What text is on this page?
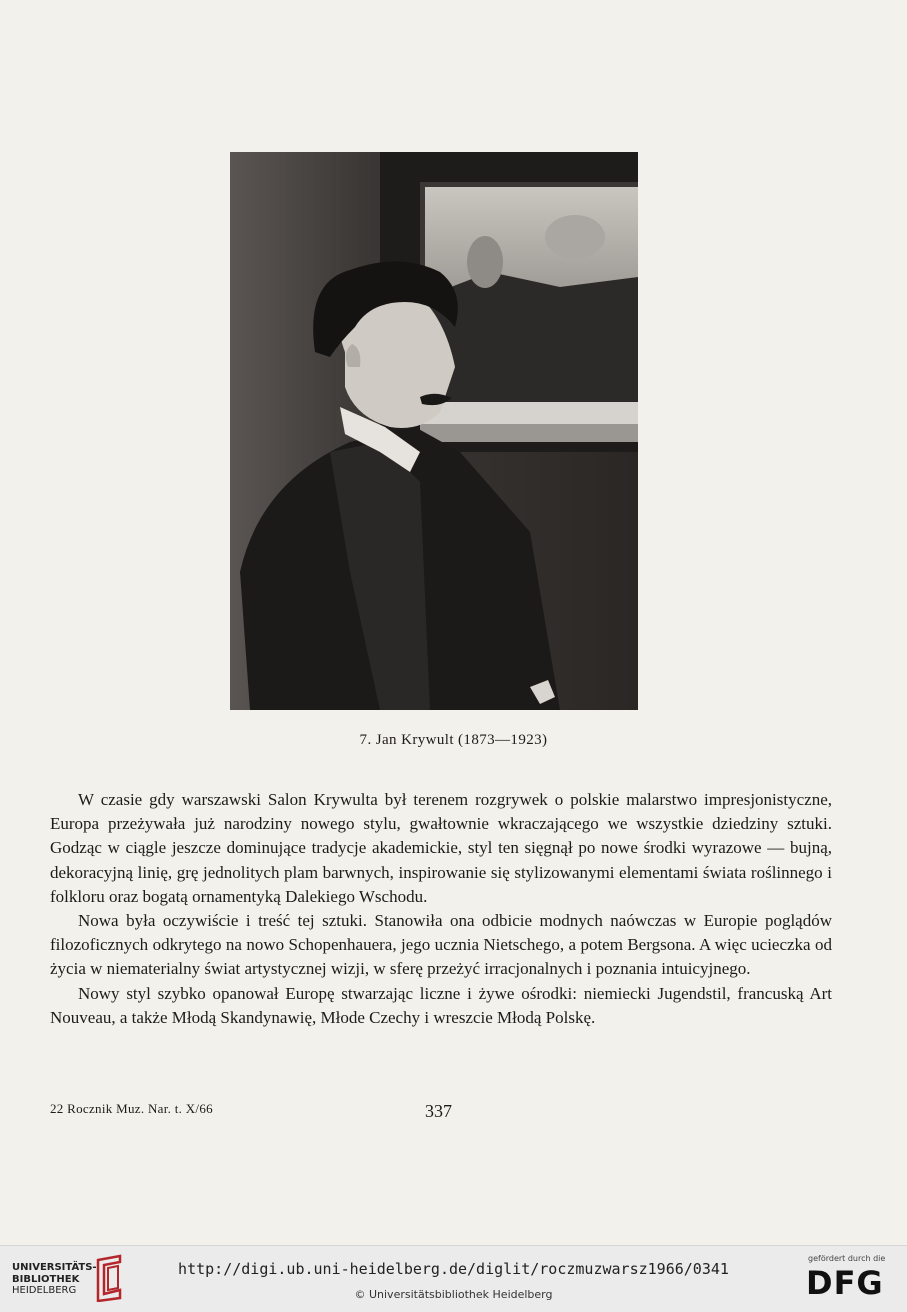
7. Jan Krywult (1873—1923)

W czasie gdy warszawski Salon Krywulta był terenem rozgrywek o polskie malarstwo impresjonistyczne, Europa przeżywała już narodziny nowego stylu, gwałtownie wkraczającego we wszystkie dziedziny sztuki. Godząc w ciągle jeszcze dominujące tradycje akademickie, styl ten sięgnął po nowe środki wyrazowe — bujną, dekoracyjną linię, grę jednolitych plam barwnych, inspirowanie się stylizowanymi elementami świata roślinnego i folkloru oraz bogatą ornamentyką Dalekiego Wschodu.

Nowa była oczywiście i treść tej sztuki. Stanowiła ona odbicie modnych naówczas w Europie poglądów filozoficznych odkrytego na nowo Schopenhauera, jego ucznia Nietschego, a potem Bergsona. A więc ucieczka od życia w niematerialny świat artystycznej wizji, w sferę przeżyć irracjonalnych i poznania intuicyjnego.

Nowy styl szybko opanował Europę stwarzając liczne i żywe ośrodki: niemiecki Jugendstil, francuską Art Nouveau, a także Młodą Skandynawię, Młode Czechy i wreszcie Młodą Polskę.

22 Rocznik Muz. Nar. t. X/66	337
UNIVERSITÄTS-
BIBLIOTHEK
HEIDELBERG
http://digi.ub.uni-heidelberg.de/diglit/roczmuzwarsz1966/0341
© Universitätsbibliothek Heidelberg
gefördert durch die
DFG
